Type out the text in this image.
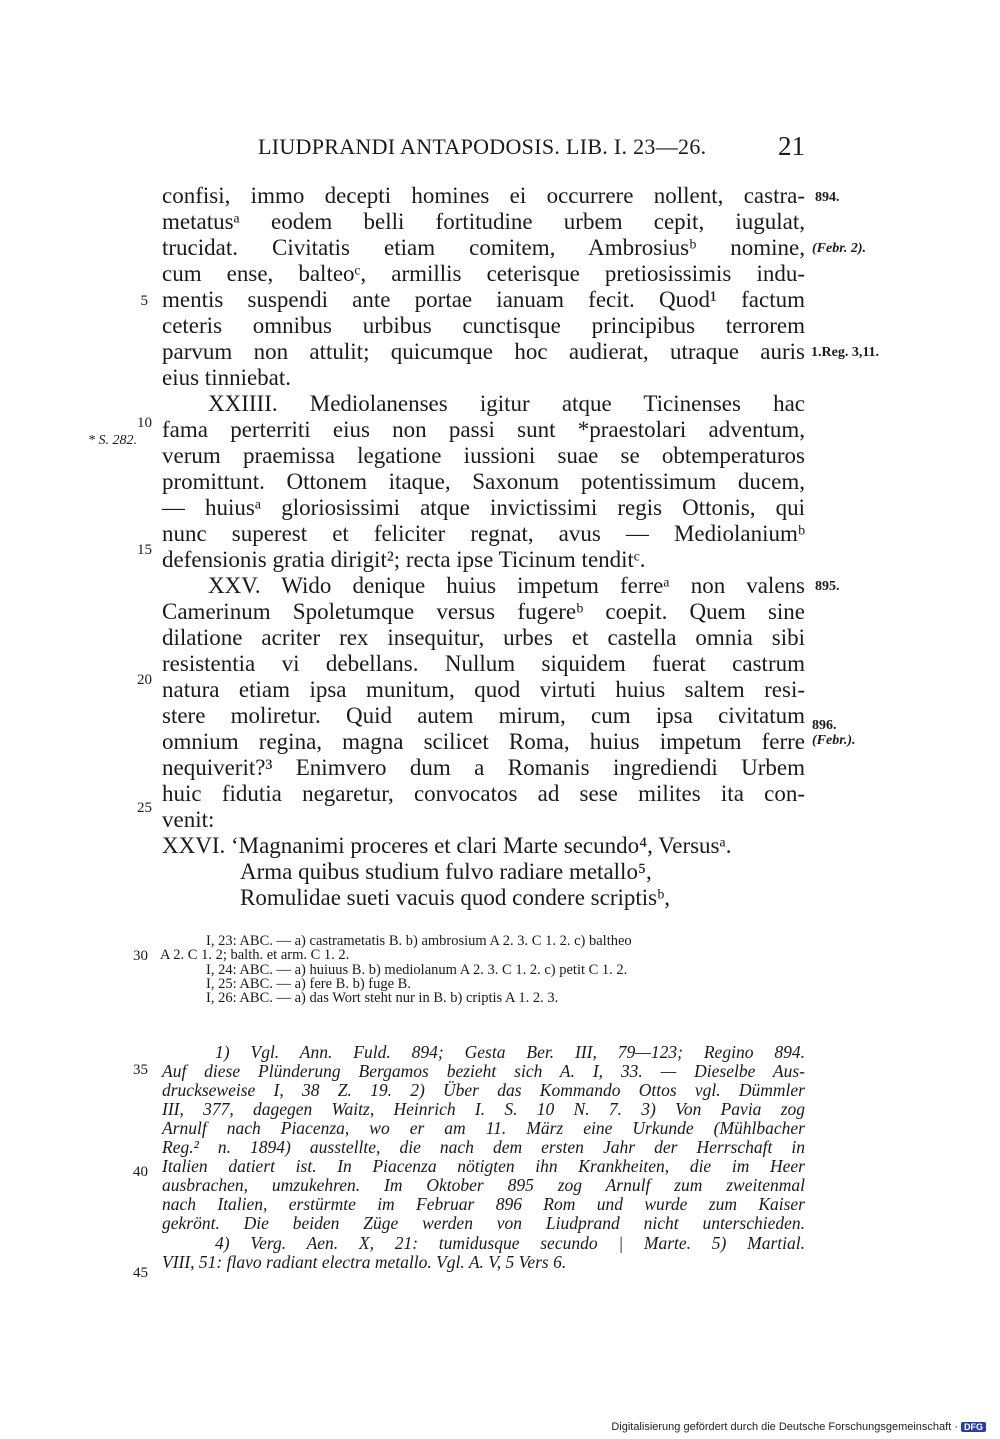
LIUDPRANDI ANTAPODOSIS. LIB. I. 23—26.	21
confisi, immo decepti homines ei occurrere nollent, castra-
metatusᵃ eodem belli fortitudine urbem cepit, iugulat,
trucidat. Civitatis etiam comitem, Ambrosiusᵇ nomine,
cum ense, balteoᶜ, armillis ceterisque pretiosissimis indu-
mentis suspendi ante portae ianuam fecit. Quod¹ factum
ceteris omnibus urbibus cunctisque principibus terrorem
parvum non attulit; quicumque hoc audierat, utraque auris
eius tinniebat.
XXIIII. Mediolanenses igitur atque Ticinenses hac
fama perterriti eius non passi sunt *praestolari adventum,
verum praemissa legatione iussioni suae se obtemperaturos
promittunt. Ottonem itaque, Saxonum potentissimum ducem,
— huiusᵃ gloriosissimi atque invictissimi regis Ottonis, qui
nunc superest et feliciter regnat, avus — Mediolaniumᵇ
defensionis gratia dirigit²; recta ipse Ticinum tenditᶜ.
XXV. Wido denique huius impetum ferreᵃ non valens
Camerinum Spoletumque versus fugereᵇ coepit. Quem sine
dilatione acriter rex insequitur, urbes et castella omnia sibi
resistentia vi debellans. Nullum siquidem fuerat castrum
natura etiam ipsa munitum, quod virtuti huius saltem resi-
stere moliretur. Quid autem mirum, cum ipsa civitatum
omnium regina, magna scilicet Roma, huius impetum ferre
nequiverit?³ Enimvero dum a Romanis ingrediendi Urbem
huic fidutia negaretur, convocatos ad sese milites ita con-
venit:
XXVI. ‘Magnanimi proceres et clari Marte secundo⁴, Versusᵃ.
Arma quibus studium fulvo radiare metallo⁵,
Romulidae sueti vacuis quod condere scriptisᵇ,
5
10
15
20
25
30
35
40
45
894.
(Febr. 2).
1.Reg. 3,11.
* S. 282.
895.
896.
(Febr.).
I, 23: ABC. — a) castrametatis B. b) ambrosium A 2. 3. C 1. 2. c) baltheo
A 2. C 1. 2; balth. et arm. C 1. 2.
I, 24: ABC. — a) huiuus B. b) mediolanum A 2. 3. C 1. 2. c) petit C 1. 2.
I, 25: ABC. — a) fere B. b) fuge B.
I, 26: ABC. — a) das Wort steht nur in B. b) criptis A 1. 2. 3.
1) Vgl. Ann. Fuld. 894; Gesta Ber. III, 79—123; Regino 894.
Auf diese Plünderung Bergamos bezieht sich A. I, 33. — Dieselbe Aus-
druckseweise I, 38 Z. 19. 2) Über das Kommando Ottos vgl. Dümmler
III, 377, dagegen Waitz, Heinrich I. S. 10 N. 7. 3) Von Pavia zog
Arnulf nach Piacenza, wo er am 11. März eine Urkunde (Mühlbacher
Reg.² n. 1894) ausstellte, die nach dem ersten Jahr der Herrschaft in
Italien datiert ist. In Piacenza nötigten ihn Krankheiten, die im Heer
ausbrachen, umzukehren. Im Oktober 895 zog Arnulf zum zweitenmal
nach Italien, erstürmte im Februar 896 Rom und wurde zum Kaiser
gekrönt. Die beiden Züge werden von Liudprand nicht unterschieden.
4) Verg. Aen. X, 21: tumidusque secundo | Marte. 5) Martial.
VIII, 51: flavo radiant electra metallo. Vgl. A. V, 5 Vers 6.
Digitalisierung gefördert durch die Deutsche Forschungsgemeinschaft · DFG
